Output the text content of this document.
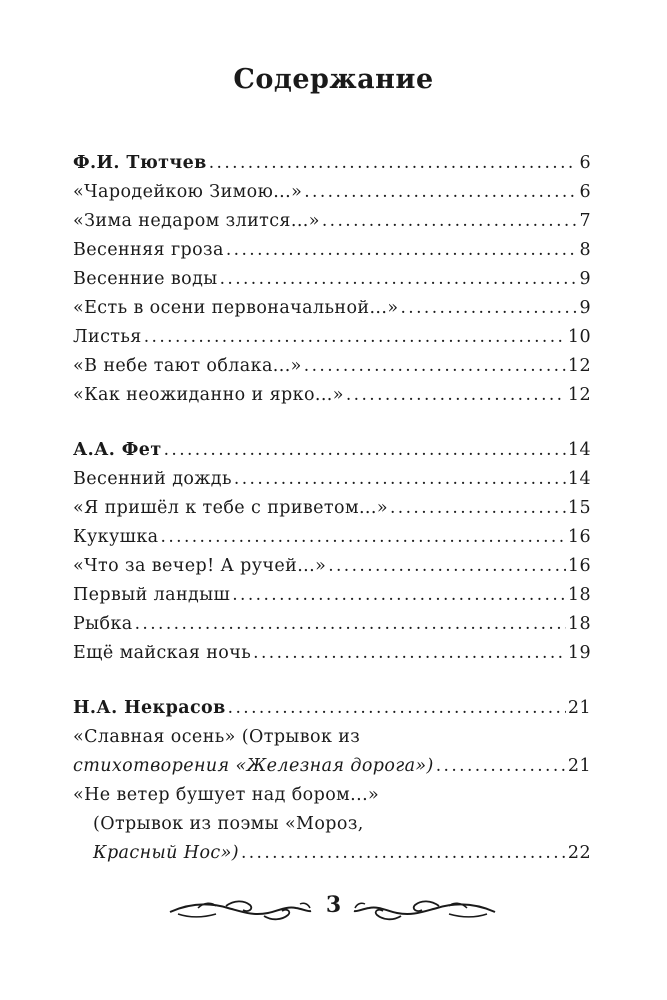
Содержание
Ф.И. Тютчев . . .	6
«Чародейкою Зимою...» . . .	6
«Зима недаром злится...» . . .	7
Весенняя гроза . . .	8
Весенние воды . . .	9
«Есть в осени первоначальной...» . . .	9
Листья . . .	10
«В небе тают облака...» . . .	12
«Как неожиданно и ярко...» . . .	12
А.А. Фет . . .	14
Весенний дождь . . .	14
«Я пришёл к тебе с приветом...» . . .	15
Кукушка . . .	16
«Что за вечер! А ручей...» . . .	16
Первый ландыш . . .	18
Рыбка . . .	18
Ещё майская ночь . . .	19
Н.А. Некрасов . . .	21
«Славная осень» (Отрывок из
стихотворения «Железная дорога») . . .	21
«Не ветер бушует над бором...»
(Отрывок из поэмы «Мороз,
Красный Нос») . . .	22
3
